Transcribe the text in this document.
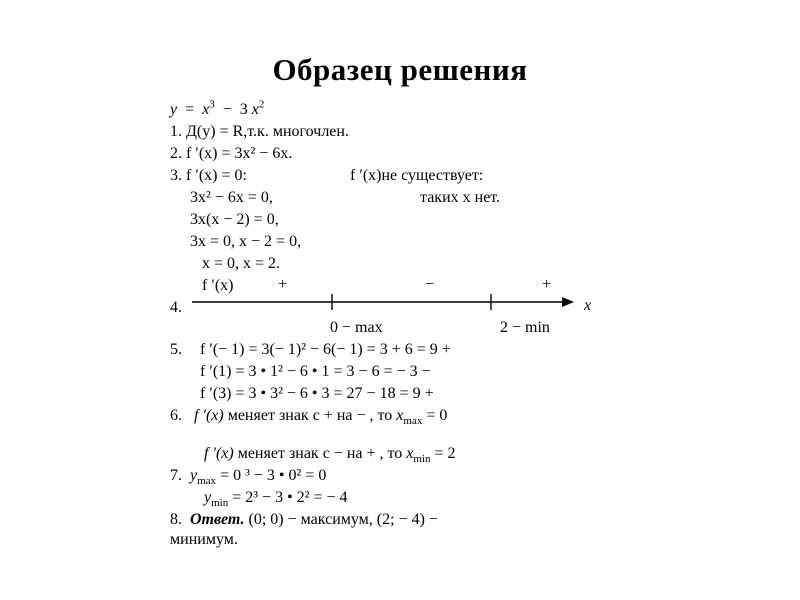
Образец решения
$y = x^3 - 3$ $x^2$
1. Д(y) = R,т.к. многочлен.
2. f ′(x) = 3x² − 6x.
3. f ′(x) = 0:	f ′(x)не существует:
3x² − 6x = 0,	таких x нет.
3x(x − 2) = 0,
3x = 0, x − 2 = 0,
x = 0, x = 2.
f ′(x)	+	−	+
4.	x
0 − max	2 − min
5. f ′(− 1) = 3(− 1)² − 6(− 1) = 3 + 6 = 9 +
f ′(1) = 3 • 1² − 6 • 1 = 3 − 6 = − 3 −
f ′(3) = 3 • 3² − 6 • 3 = 27 − 18 = 9 +
6. f ′(x) меняет знак с + на − , то $x_{max} = 0$
f ′(x) меняет знак с − на + , то $x_{min} = 2$
7. $y_{max} = 0$ ³ − 3 • 0² = 0
$y_{min} = 2^3 - 3$ • 2² = − 4
8. Ответ. (0; 0) − максимум, (2; − 4) −
минимум.
